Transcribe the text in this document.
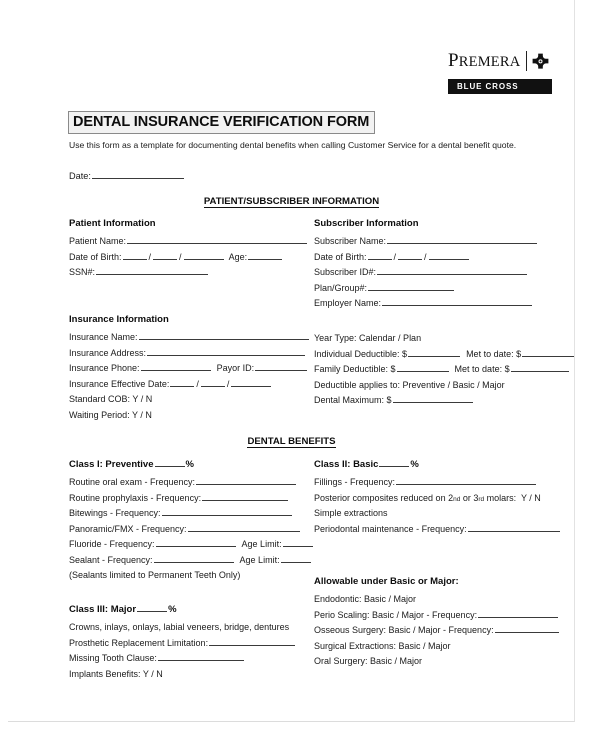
PREMERA
BLUE CROSS
DENTAL INSURANCE VERIFICATION FORM
Use this form as a template for documenting dental benefits when calling Customer Service for a dental benefit quote.
Date:
PATIENT/SUBSCRIBER INFORMATION
Patient Information
Patient Name:
Date of Birth:	/	/	Age:
SSN#:
Subscriber Information
Subscriber Name:
Date of Birth:	/	/
Subscriber ID#:
Plan/Group#:
Employer Name:
Insurance Information
Insurance Name:
Insurance Address:
Insurance Phone:	Payor ID:
Insurance Effective Date:	/	/
Standard COB: Y / N
Waiting Period: Y / N
Year Type: Calendar / Plan
Individual Deductible: $	Met to date: $
Family Deductible: $	Met to date: $
Deductible applies to: Preventive / Basic / Major
Dental Maximum: $
DENTAL BENEFITS
Class I: Preventive	%
Routine oral exam - Frequency:
Routine prophylaxis - Frequency:
Bitewings - Frequency:
Panoramic/FMX - Frequency:
Fluoride - Frequency:	Age Limit:
Sealant - Frequency:	Age Limit:
(Sealants limited to Permanent Teeth Only)
Class II: Basic	%
Fillings - Frequency:
Posterior composites reduced on 2 nd or 3 rd molars:  Y / N
Simple extractions
Periodontal maintenance - Frequency:
Class III: Major	%
Crowns, inlays, onlays, labial veneers, bridge, dentures
Prosthetic Replacement Limitation:
Missing Tooth Clause:
Implants Benefits: Y / N
Allowable under Basic or Major:
Endodontic: Basic / Major
Perio Scaling: Basic / Major - Frequency:
Osseous Surgery: Basic / Major - Frequency:
Surgical Extractions: Basic / Major
Oral Surgery: Basic / Major
